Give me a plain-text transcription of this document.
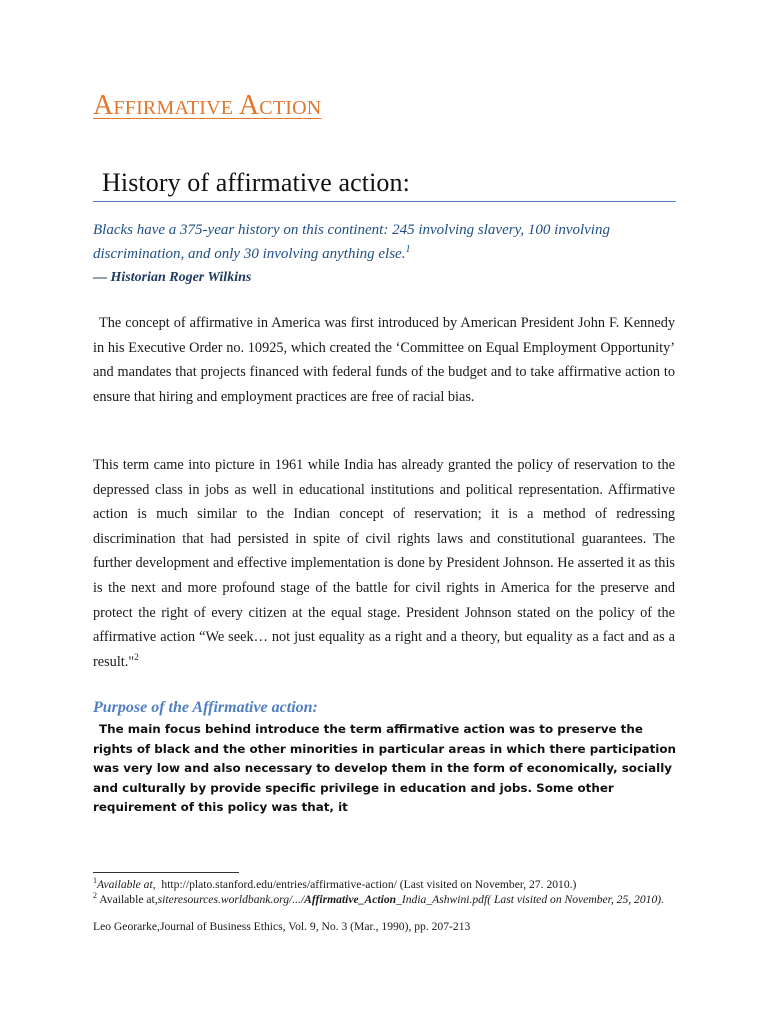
Affirmative Action
History of affirmative action:

Blacks have a 375-year history on this continent: 245 involving slavery, 100 involving discrimination, and only 30 involving anything else.$^1$

— Historian Roger Wilkins

The concept of affirmative in America was first introduced by American President John F. Kennedy in his Executive Order no. 10925, which created the ‘Committee on Equal Employment Opportunity’ and mandates that projects financed with federal funds of the budget and to take affirmative action to ensure that hiring and employment practices are free of racial bias.

This term came into picture in 1961 while India has already granted the policy of reservation to the depressed class in jobs as well in educational institutions and political representation. Affirmative action is much similar to the Indian concept of reservation; it is a method of redressing discrimination that had persisted in spite of civil rights laws and constitutional guarantees. The further development and effective implementation is done by President Johnson. He asserted it as this is the next and more profound stage of the battle for civil rights in America for the preserve and protect the right of every citizen at the equal stage. President Johnson stated on the policy of the affirmative action “We seek… not just equality as a right and a theory, but equality as a fact and as a result."$^2$

Purpose of the Affirmative action:

The main focus behind introduce the term affirmative action was to preserve the rights of black and the other minorities in particular areas in which there participation was very low and also necessary to develop them in the form of economically, socially and culturally by provide specific privilege in education and jobs. Some other requirement of this policy was that, it

$^1$Available at, http://plato.stanford.edu/entries/affirmative-action/ (Last visited on November, 27. 2010.)

$^2$ Available at,siteresources.worldbank.org/.../Affirmative_Action_India_Ashwini.pdf( Last visited on November, 25, 2010).

Leo Georarke,Journal of Business Ethics, Vol. 9, No. 3 (Mar., 1990), pp. 207-213
